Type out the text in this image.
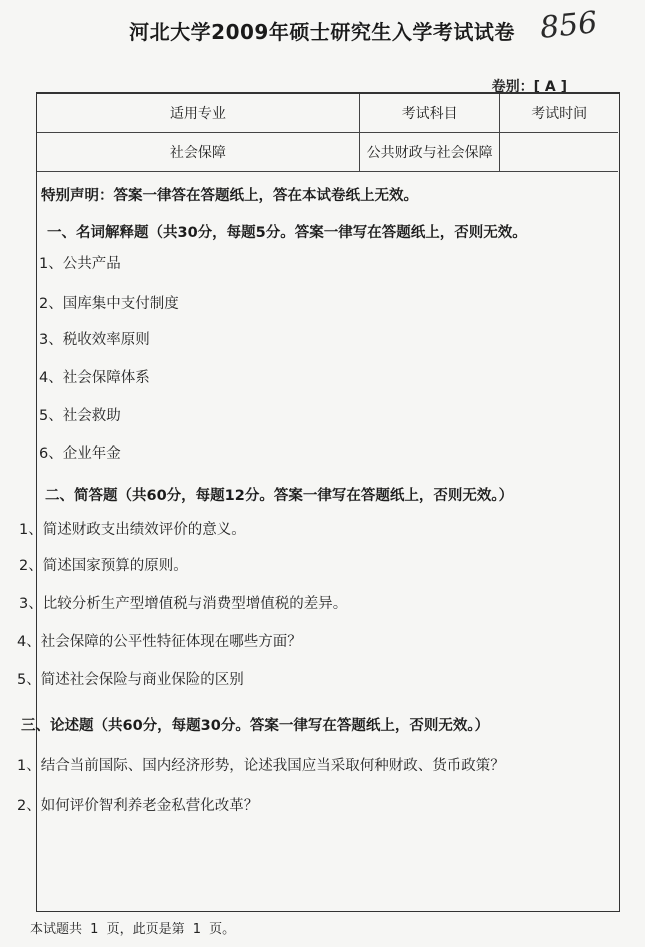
河北大学2009年硕士研究生入学考试试卷 856
卷别：[ A ]
适用专业	考试科目	考试时间
社会保障	公共财政与社会保障	
特别声明：答案一律答在答题纸上，答在本试卷纸上无效。
一、名词解释题（共30分，每题5分。答案一律写在答题纸上，否则无效。
1、公共产品
2、国库集中支付制度
3、税收效率原则
4、社会保障体系
5、社会救助
6、企业年金
二、简答题（共60分，每题12分。答案一律写在答题纸上，否则无效。）
1、简述财政支出绩效评价的意义。
2、简述国家预算的原则。
3、比较分析生产型增值税与消费型增值税的差异。
4、社会保障的公平性特征体现在哪些方面？
5、简述社会保险与商业保险的区别
三、论述题（共60分，每题30分。答案一律写在答题纸上，否则无效。）
1、结合当前国际、国内经济形势，论述我国应当采取何种财政、货币政策？
2、如何评价智利养老金私营化改革？
本试题共 1 页，此页是第 1 页。
